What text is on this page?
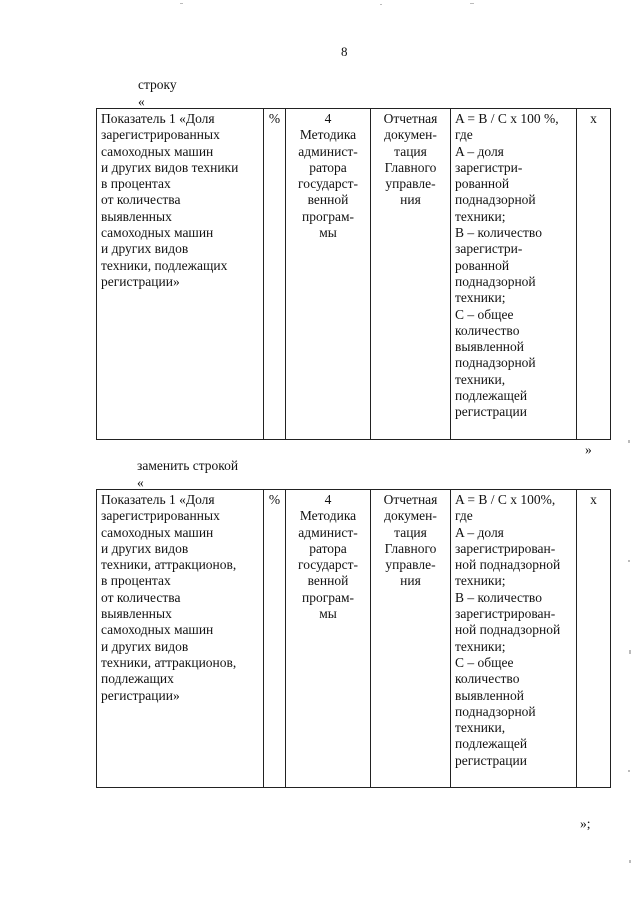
8
строку
«
Показатель 1 «Доля
зарегистрированных
самоходных машин
и других видов техники
в процентах
от количества
выявленных
самоходных машин
и других видов
техники, подлежащих
регистрации»	%	4
Методика
админист-
ратора
государст-
венной
програм-
мы	Отчетная
докумен-
тация
Главного
управле-
ния	A = B / C x 100 %,
где
A – доля
зарегистри-
рованной
поднадзорной
техники;
B – количество
зарегистри-
рованной
поднадзорной
техники;
C – общее
количество
выявленной
поднадзорной
техники,
подлежащей
регистрации	x
»
заменить строкой
«
Показатель 1 «Доля
зарегистрированных
самоходных машин
и других видов
техники, аттракционов,
в процентах
от количества
выявленных
самоходных машин
и других видов
техники, аттракционов,
подлежащих
регистрации»	%	4
Методика
админист-
ратора
государст-
венной
програм-
мы	Отчетная
докумен-
тация
Главного
управле-
ния	A = B / C x 100%,
где
A – доля
зарегистрирован-
ной поднадзорной
техники;
B – количество
зарегистрирован-
ной поднадзорной
техники;
C – общее
количество
выявленной
поднадзорной
техники,
подлежащей
регистрации	x
»;
